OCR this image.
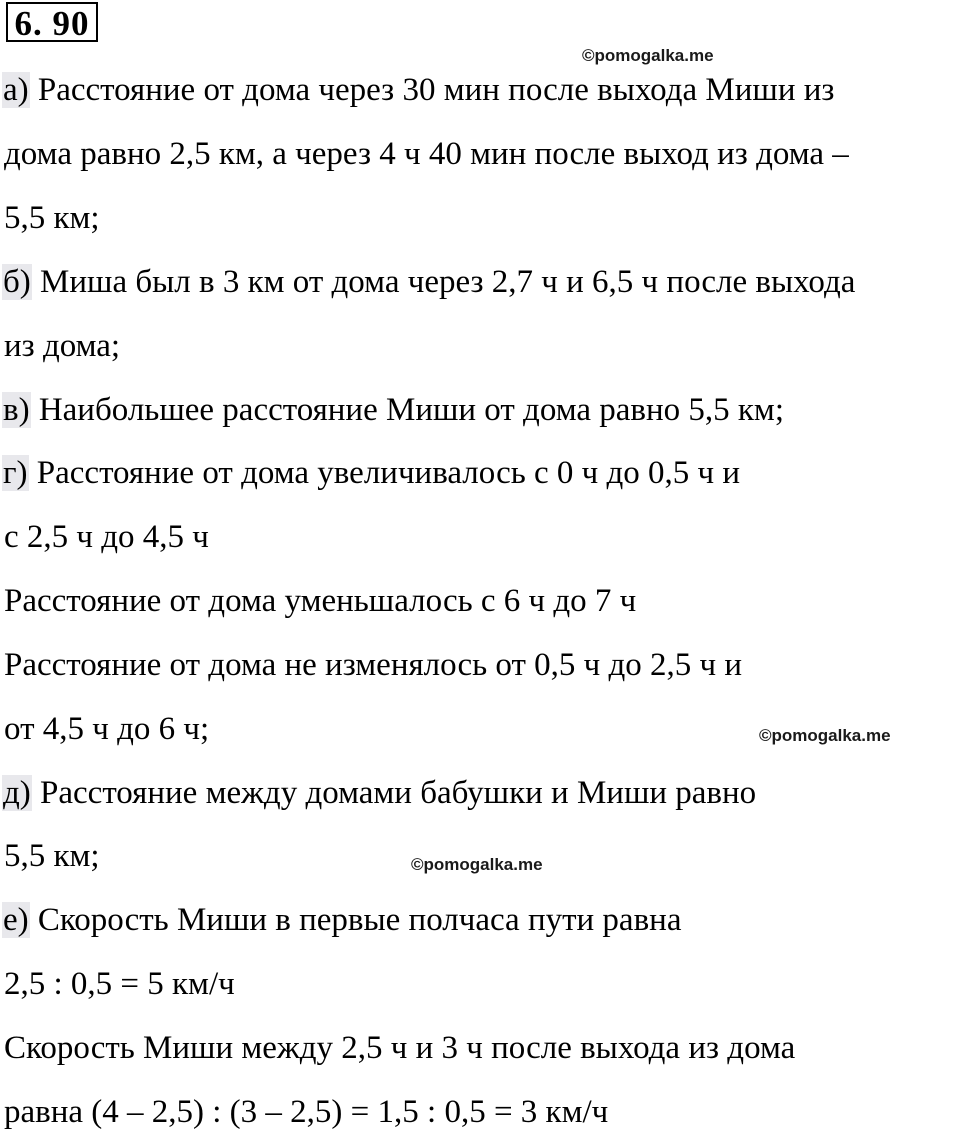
6. 90
©pomogalka.me
©pomogalka.me
©pomogalka.me
а) Расстояние от дома через 30 мин после выхода Миши из
дома равно 2,5 км, а через 4 ч 40 мин после выход из дома –
5,5 км;
б) Миша был в 3 км от дома через 2,7 ч и 6,5 ч после выхода
из дома;
в) Наибольшее расстояние Миши от дома равно 5,5 км;
г) Расстояние от дома увеличивалось с 0 ч до 0,5 ч и
с 2,5 ч до 4,5 ч
Расстояние от дома уменьшалось с 6 ч до 7 ч
Расстояние от дома не изменялось от 0,5 ч до 2,5 ч и
от 4,5 ч до 6 ч;
д) Расстояние между домами бабушки и Миши равно
5,5 км;
е) Скорость Миши в первые полчаса пути равна
2,5 : 0,5 = 5 км/ч
Скорость Миши между 2,5 ч и 3 ч после выхода из дома
равна (4 – 2,5) : (3 – 2,5) = 1,5 : 0,5 = 3 км/ч
